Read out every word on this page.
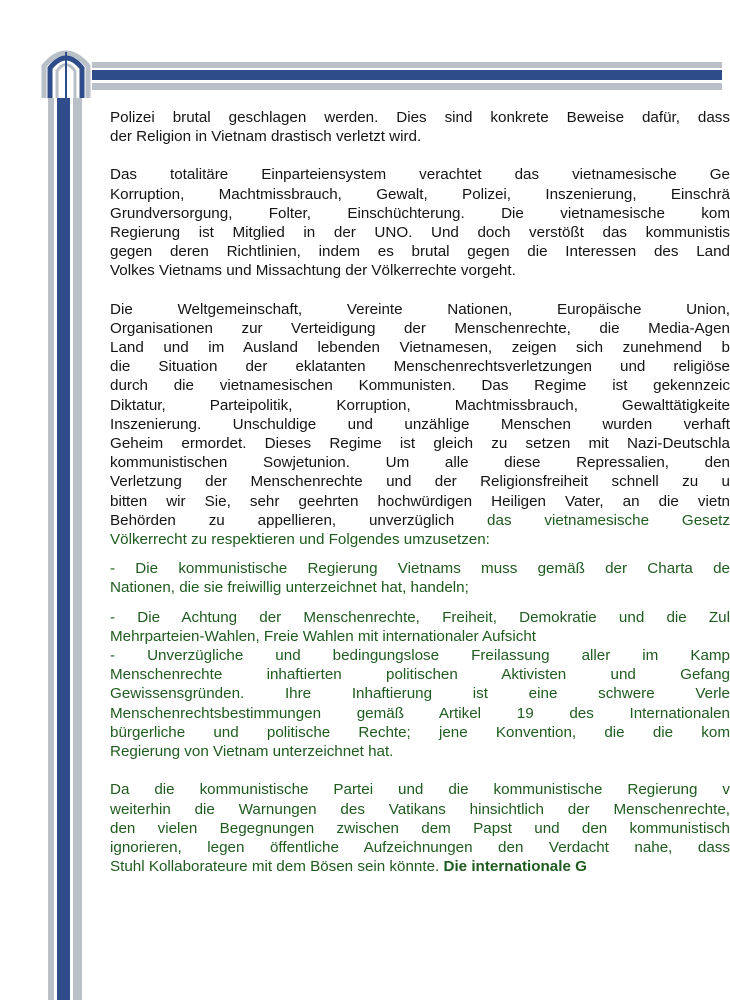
Polizei brutal geschlagen werden. Dies sind konkrete Beweise dafür, dass
der Religion in Vietnam drastisch verletzt wird.
Das totalitäre Einparteiensystem verachtet das vietnamesische Ge
Korruption, Machtmissbrauch, Gewalt, Polizei, Inszenierung, Einschrä
Grundversorgung, Folter, Einschüchterung. Die vietnamesische kom
Regierung ist Mitglied in der UNO. Und doch verstößt das kommunistis
gegen deren Richtlinien, indem es brutal gegen die Interessen des Land
Volkes Vietnams und Missachtung der Völkerrechte vorgeht.
Die Weltgemeinschaft, Vereinte Nationen, Europäische Union,
Organisationen zur Verteidigung der Menschenrechte, die Media-Agen
Land und im Ausland lebenden Vietnamesen, zeigen sich zunehmend b
die Situation der eklatanten Menschenrechtsverletzungen und religiöse
durch die vietnamesischen Kommunisten. Das Regime ist gekennzeic
Diktatur, Parteipolitik, Korruption, Machtmissbrauch, Gewalttätigkeite
Inszenierung. Unschuldige und unzählige Menschen wurden verhaft
Geheim ermordet. Dieses Regime ist gleich zu setzen mit Nazi-Deutschla
kommunistischen Sowjetunion. Um alle diese Repressalien, den
Verletzung der Menschenrechte und der Religionsfreiheit schnell zu u
bitten wir Sie, sehr geehrten hochwürdigen Heiligen Vater, an die vietn
Behörden zu appellieren, unverzüglich das vietnamesische Gesetz
Völkerrecht zu respektieren und Folgendes umzusetzen:
- Die kommunistische Regierung Vietnams muss gemäß der Charta de
Nationen, die sie freiwillig unterzeichnet hat, handeln;
- Die Achtung der Menschenrechte, Freiheit, Demokratie und die Zul
Mehrparteien-Wahlen, Freie Wahlen mit internationaler Aufsicht
- Unverzügliche und bedingungslose Freilassung aller im Kamp
Menschenrechte inhaftierten politischen Aktivisten und Gefang
Gewissensgründen. Ihre Inhaftierung ist eine schwere Verle
Menschenrechtsbestimmungen gemäß Artikel 19 des Internationalen
bürgerliche und politische Rechte; jene Konvention, die die kom
Regierung von Vietnam unterzeichnet hat.
Da die kommunistische Partei und die kommunistische Regierung v
weiterhin die Warnungen des Vatikans hinsichtlich der Menschenrechte,
den vielen Begegnungen zwischen dem Papst und den kommunistisch
ignorieren, legen öffentliche Aufzeichnungen den Verdacht nahe, dass
Stuhl Kollaborateure mit dem Bösen sein könnte. Die internationale G
